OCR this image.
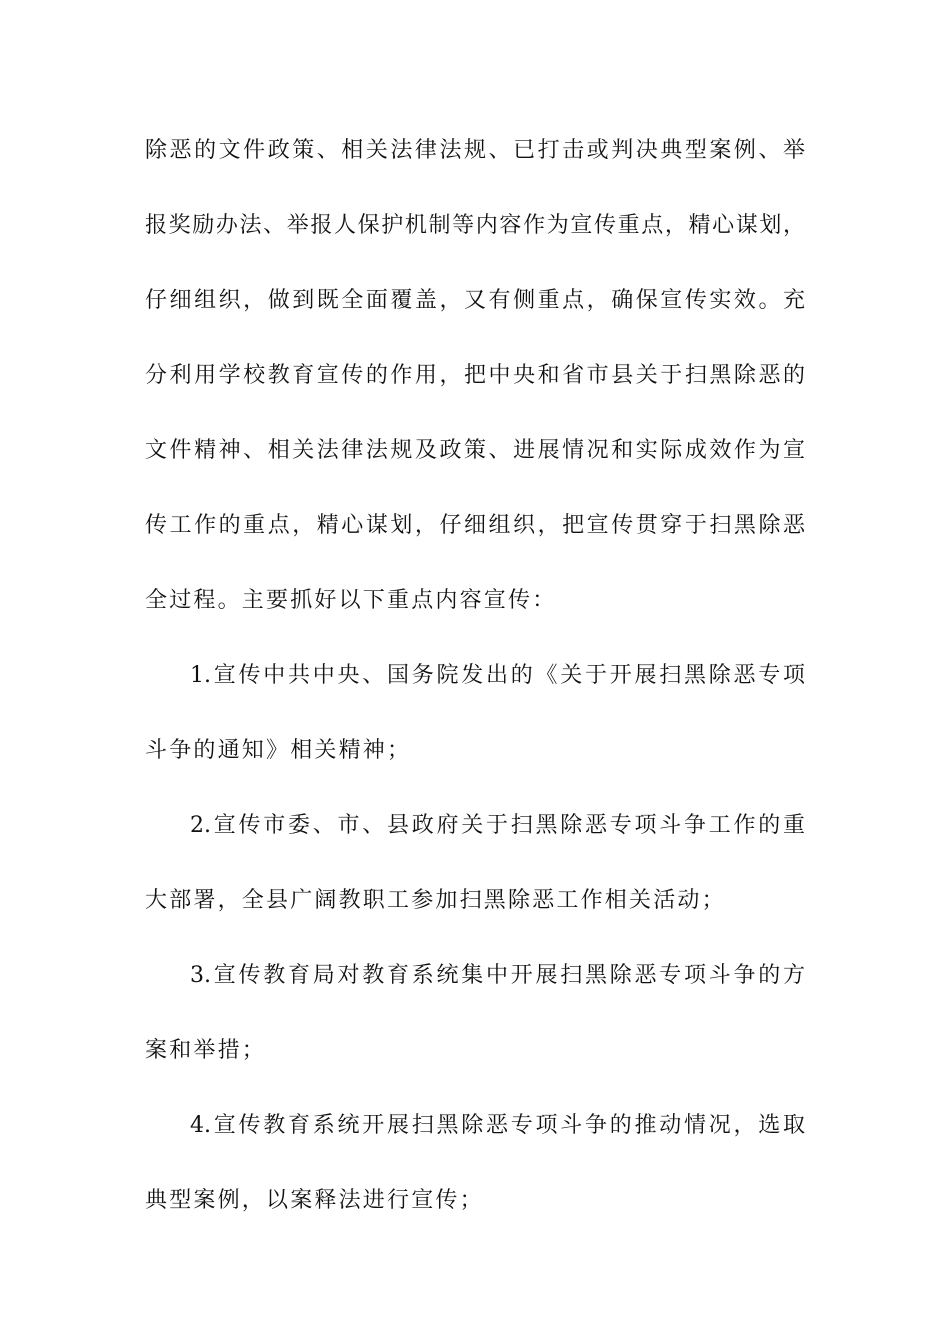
除恶的文件政策、相关法律法规、已打击或判决典型案例、举

报奖励办法、举报人保护机制等内容作为宣传重点，精心谋划，

仔细组织，做到既全面覆盖，又有侧重点，确保宣传实效。充

分利用学校教育宣传的作用，把中央和省市县关于扫黑除恶的

文件精神、相关法律法规及政策、进展情况和实际成效作为宣

传工作的重点，精心谋划，仔细组织，把宣传贯穿于扫黑除恶

全过程。主要抓好以下重点内容宣传：

1.宣传中共中央、国务院发出的《关于开展扫黑除恶专项

斗争的通知》相关精神；

2.宣传市委、市、县政府关于扫黑除恶专项斗争工作的重

大部署，全县广阔教职工参加扫黑除恶工作相关活动；

3.宣传教育局对教育系统集中开展扫黑除恶专项斗争的方

案和举措；

4.宣传教育系统开展扫黑除恶专项斗争的推动情况，选取

典型案例，以案释法进行宣传；
